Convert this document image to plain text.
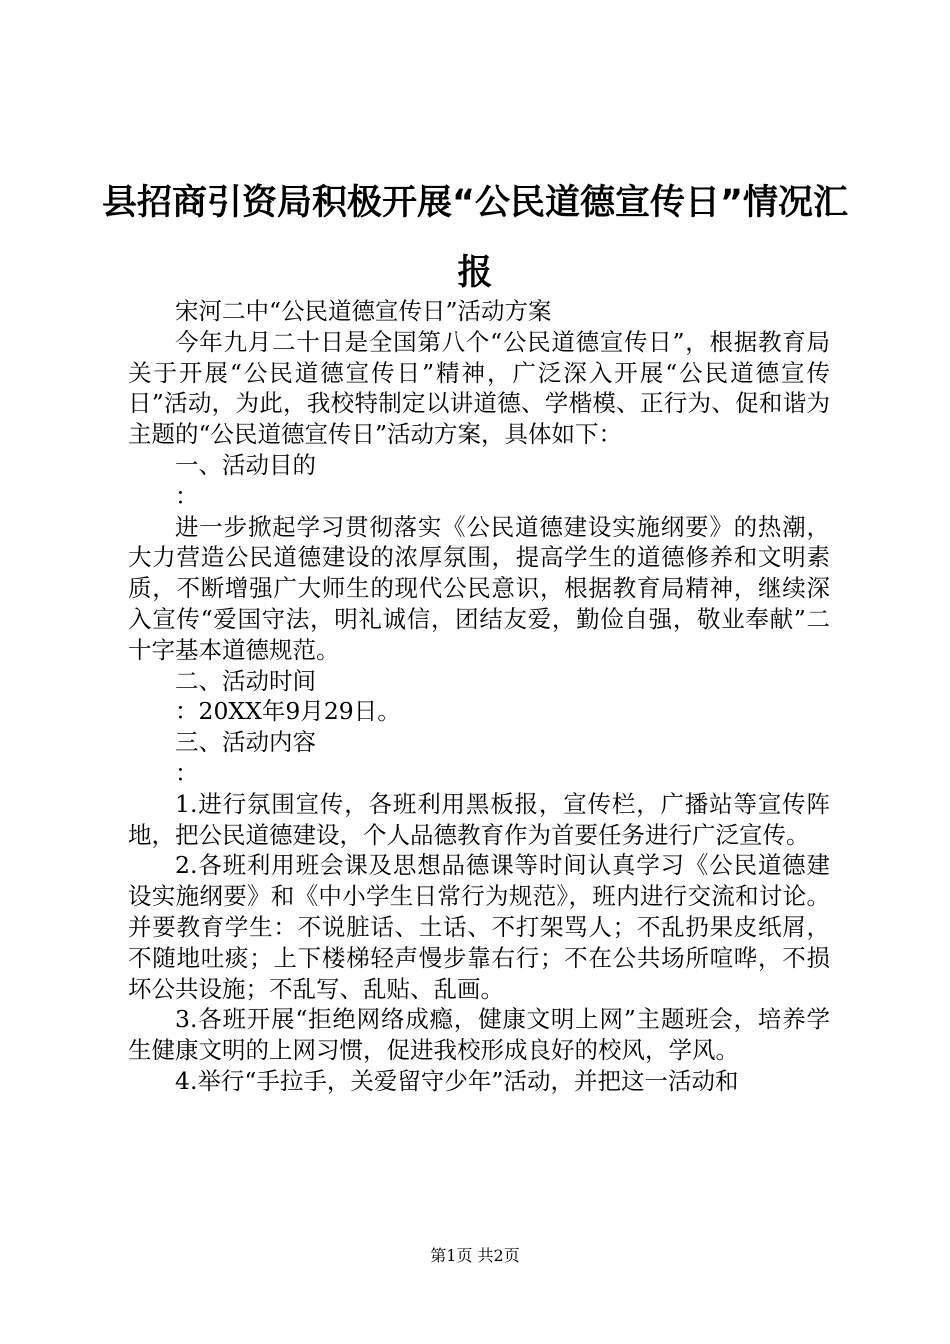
县招商引资局积极开展“公民道德宣传日”情况汇报

宋河二中“公民道德宣传日”活动方案

今年九月二十日是全国第八个“公民道德宣传日”，根据教育局关于开展“公民道德宣传日”精神，广泛深入开展“公民道德宣传日”活动，为此，我校特制定以讲道德、学楷模、正行为、促和谐为主题的“公民道德宣传日”活动方案，具体如下：

一、活动目的

：

进一步掀起学习贯彻落实《公民道德建设实施纲要》的热潮，大力营造公民道德建设的浓厚氛围，提高学生的道德修养和文明素质，不断增强广大师生的现代公民意识，根据教育局精神，继续深入宣传“爱国守法，明礼诚信，团结友爱，勤俭自强，敬业奉献”二十字基本道德规范。

二、活动时间

：20XX年9月29日。

三、活动内容

：

1.进行氛围宣传，各班利用黑板报，宣传栏，广播站等宣传阵地，把公民道德建设，个人品德教育作为首要任务进行广泛宣传。

2.各班利用班会课及思想品德课等时间认真学习《公民道德建设实施纲要》和《中小学生日常行为规范》，班内进行交流和讨论。并要教育学生：不说脏话、土话、不打架骂人；不乱扔果皮纸屑，不随地吐痰；上下楼梯轻声慢步靠右行；不在公共场所喧哗，不损坏公共设施；不乱写、乱贴、乱画。

3.各班开展“拒绝网络成瘾，健康文明上网”主题班会，培养学生健康文明的上网习惯，促进我校形成良好的校风，学风。

4.举行“手拉手，关爱留守少年”活动，并把这一活动和

第1页 共2页
